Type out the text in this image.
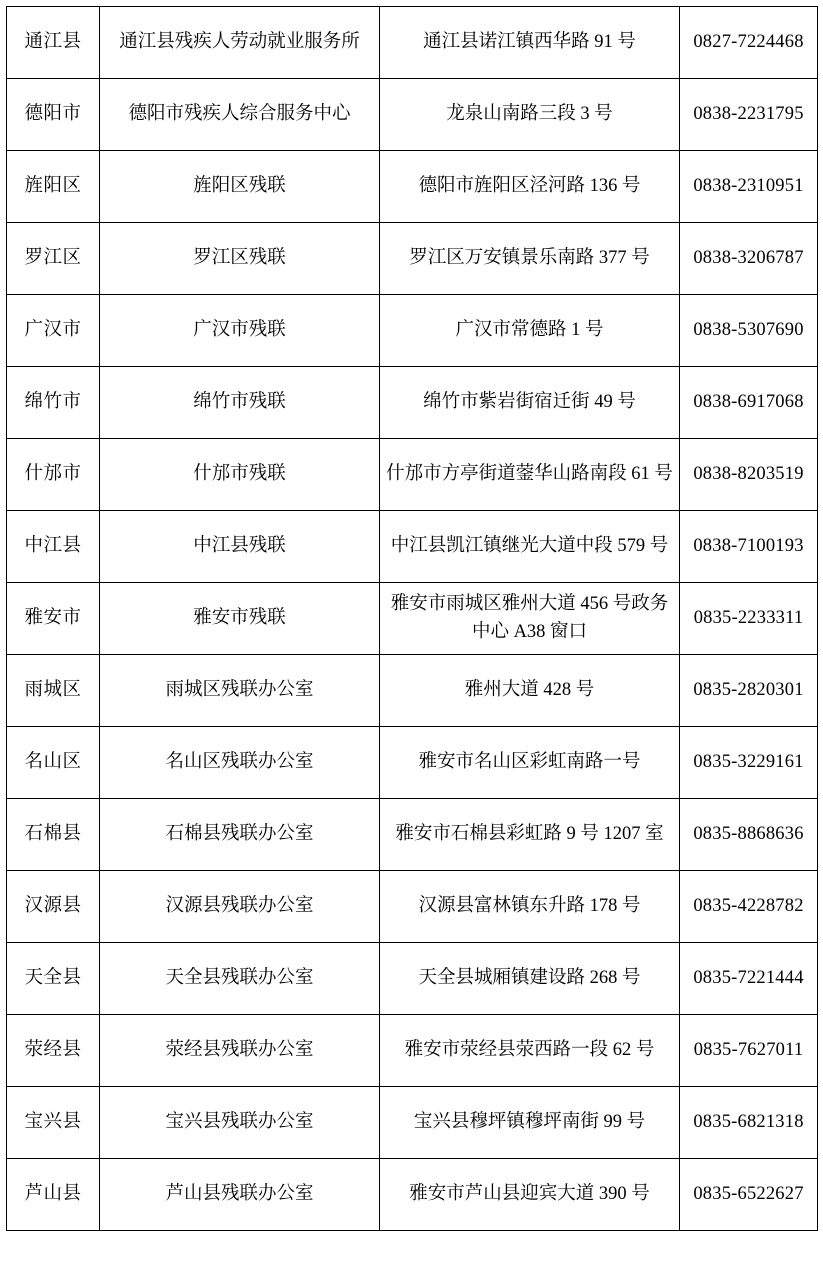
通江县	通江县残疾人劳动就业服务所	通江县诺江镇西华路 91 号	0827-7224468
德阳市	德阳市残疾人综合服务中心	龙泉山南路三段 3 号	0838-2231795
旌阳区	旌阳区残联	德阳市旌阳区泾河路 136 号	0838-2310951
罗江区	罗江区残联	罗江区万安镇景乐南路 377 号	0838-3206787
广汉市	广汉市残联	广汉市常德路 1 号	0838-5307690
绵竹市	绵竹市残联	绵竹市紫岩街宿迁街 49 号	0838-6917068
什邡市	什邡市残联	什邡市方亭街道蓥华山路南段 61 号	0838-8203519
中江县	中江县残联	中江县凯江镇继光大道中段 579 号	0838-7100193
雅安市	雅安市残联	雅安市雨城区雅州大道 456 号政务中心 A38 窗口	0835-2233311
雨城区	雨城区残联办公室	雅州大道 428 号	0835-2820301
名山区	名山区残联办公室	雅安市名山区彩虹南路一号	0835-3229161
石棉县	石棉县残联办公室	雅安市石棉县彩虹路 9 号 1207 室	0835-8868636
汉源县	汉源县残联办公室	汉源县富林镇东升路 178 号	0835-4228782
天全县	天全县残联办公室	天全县城厢镇建设路 268 号	0835-7221444
荥经县	荥经县残联办公室	雅安市荥经县荥西路一段 62 号	0835-7627011
宝兴县	宝兴县残联办公室	宝兴县穆坪镇穆坪南街 99 号	0835-6821318
芦山县	芦山县残联办公室	雅安市芦山县迎宾大道 390 号	0835-6522627
